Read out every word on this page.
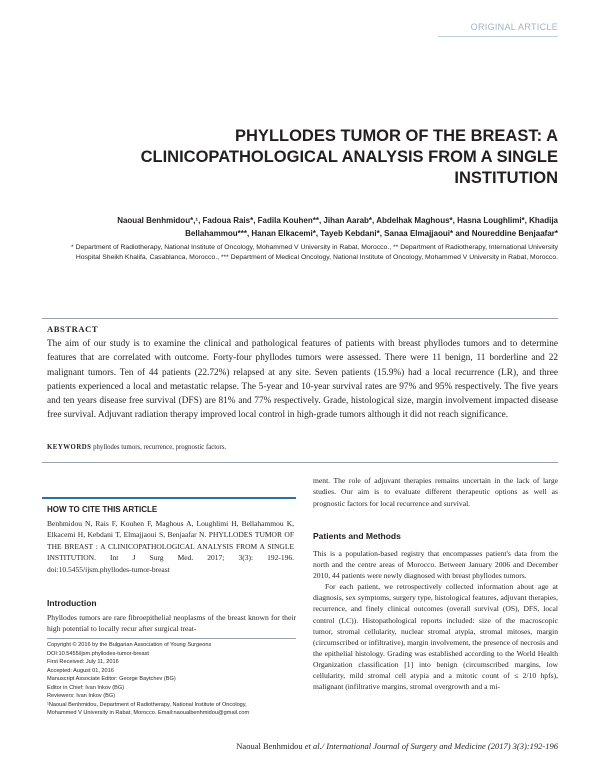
ORIGINAL ARTICLE
PHYLLODES TUMOR OF THE BREAST: A CLINICOPATHOLOGICAL ANALYSIS FROM A SINGLE INSTITUTION
Naoual Benhmidou*,¹, Fadoua Rais*, Fadila Kouhen**, Jihan Aarab*, Abdelhak Maghous*, Hasna Loughlimi*, Khadija
Bellahammou***, Hanan Elkacemi*, Tayeb Kebdani*, Sanaa Elmajjaoui* and Noureddine Benjaafar*
* Department of Radiotherapy, National Institute of Oncology, Mohammed V University in Rabat, Morocco., ** Department of Radiotherapy, International University Hospital Sheikh Khalifa, Casablanca, Morocco., *** Department of Medical Oncology, National Institute of Oncology, Mohammed V University in Rabat, Morocco.
ABSTRACT
The aim of our study is to examine the clinical and pathological features of patients with breast phyllodes tumors and to determine features that are correlated with outcome. Forty-four phyllodes tumors were assessed. There were 11 benign, 11 borderline and 22 malignant tumors. Ten of 44 patients (22.72%) relapsed at any site. Seven patients (15.9%) had a local recurrence (LR), and three patients experienced a local and metastatic relapse. The 5-year and 10-year survival rates are 97% and 95% respectively. The five years and ten years disease free survival (DFS) are 81% and 77% respectively. Grade, histological size, margin involvement impacted disease free survival. Adjuvant radiation therapy improved local control in high-grade tumors although it did not reach significance.
KEYWORDS phyllodes tumors, recurrence, prognostic factors.
HOW TO CITE THIS ARTICLE
Benhmidou N, Rais F, Kouhen F, Maghous A, Loughlimi H, Bellahammou K, Elkacemi H, Kebdani T, Elmajjaoui S, Benjaafar N. PHYLLODES TUMOR OF THE BREAST : A CLINICOPATHOLOGICAL ANALYSIS FROM A SINGLE INSTITUTION. Int J Surg Med. 2017; 3(3): 192-196. doi:10.5455/ijsm.phyllodes-tumor-breast
Introduction
Phyllodes tumors are rare fibroepithelial neoplasms of the breast known for their high potential to locally recur after surgical treat-
Copyright © 2016 by the Bulgarian Association of Young Surgeons
DOI:10.5455/ijsm.phyllodes-tumor-breast
First Received: July 11, 2016
Accepted: August 01, 2016
Manuscript Associate Editor: George Baytchev (BG)
Editor in Chief: Ivan Inkov (BG)
Reviewers: Ivan Inkov (BG)
¹Naoual Benhmidou, Department of Radiotherapy, National Institute of Oncology,
Mohammed V University in Rabat, Morocco. Email:naoualbenhmidou@gmail.com
ment. The role of adjuvant therapies remains uncertain in the lack of large studies. Our aim is to evaluate different therapeutic options as well as prognostic factors for local recurrence and survival.
Patients and Methods

This is a population-based registry that encompasses patient's data from the north and the centre areas of Morocco. Between January 2006 and December 2010, 44 patients were newly diagnosed with breast phyllodes tumors.

For each patient, we retrospectively collected information about age at diagnosis, sex symptoms, surgery type, histological features, adjuvant therapies, recurrence, and finely clinical outcomes (overall survival (OS), DFS, local control (LC)). Histopathological reports included: size of the macroscopic tumor, stromal cellularity, nuclear stromal atypia, stromal mitoses, margin (circumscribed or infiltrative), margin involvement, the presence of necrosis and the epithelial histology. Grading was established according to the World Health Organization classification [1] into benign (circumscribed margins, low cellularity, mild stromal cell atypia and a mitotic count of ≤ 2/10 hpfs), malignant (infiltrative margins, stromal overgrowth and a mi-

Naoual Benhmidou et al./ International Journal of Surgery and Medicine (2017) 3(3):192-196
